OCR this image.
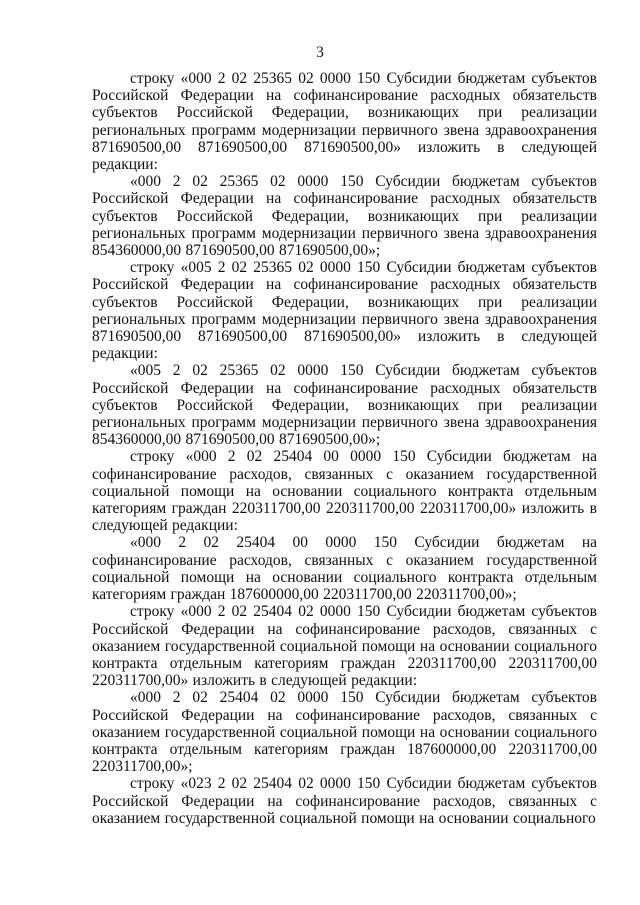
3

строку «000 2 02 25365 02 0000 150 Субсидии бюджетам субъектов Российской Федерации на софинансирование расходных обязательств субъектов Российской Федерации, возникающих при реализации региональных программ модернизации первичного звена здравоохранения 871690500,00 871690500,00 871690500,00» изложить в следующей редакции:

«000 2 02 25365 02 0000 150 Субсидии бюджетам субъектов Российской Федерации на софинансирование расходных обязательств субъектов Российской Федерации, возникающих при реализации региональных программ модернизации первичного звена здравоохранения 854360000,00 871690500,00 871690500,00»;

строку «005 2 02 25365 02 0000 150 Субсидии бюджетам субъектов Российской Федерации на софинансирование расходных обязательств субъектов Российской Федерации, возникающих при реализации региональных программ модернизации первичного звена здравоохранения 871690500,00 871690500,00 871690500,00» изложить в следующей редакции:

«005 2 02 25365 02 0000 150 Субсидии бюджетам субъектов Российской Федерации на софинансирование расходных обязательств субъектов Российской Федерации, возникающих при реализации региональных программ модернизации первичного звена здравоохранения 854360000,00 871690500,00 871690500,00»;

строку «000 2 02 25404 00 0000 150 Субсидии бюджетам на софинансирование расходов, связанных с оказанием государственной социальной помощи на основании социального контракта отдельным категориям граждан 220311700,00 220311700,00 220311700,00» изложить в следующей редакции:

«000 2 02 25404 00 0000 150 Субсидии бюджетам на софинансирование расходов, связанных с оказанием государственной социальной помощи на основании социального контракта отдельным категориям граждан 187600000,00 220311700,00 220311700,00»;

строку «000 2 02 25404 02 0000 150 Субсидии бюджетам субъектов Российской Федерации на софинансирование расходов, связанных с оказанием государственной социальной помощи на основании социального контракта отдельным категориям граждан 220311700,00 220311700,00 220311700,00» изложить в следующей редакции:

«000 2 02 25404 02 0000 150 Субсидии бюджетам субъектов Российской Федерации на софинансирование расходов, связанных с оказанием государственной социальной помощи на основании социального контракта отдельным категориям граждан 187600000,00 220311700,00 220311700,00»;

строку «023 2 02 25404 02 0000 150 Субсидии бюджетам субъектов Российской Федерации на софинансирование расходов, связанных с оказанием государственной социальной помощи на основании социального
